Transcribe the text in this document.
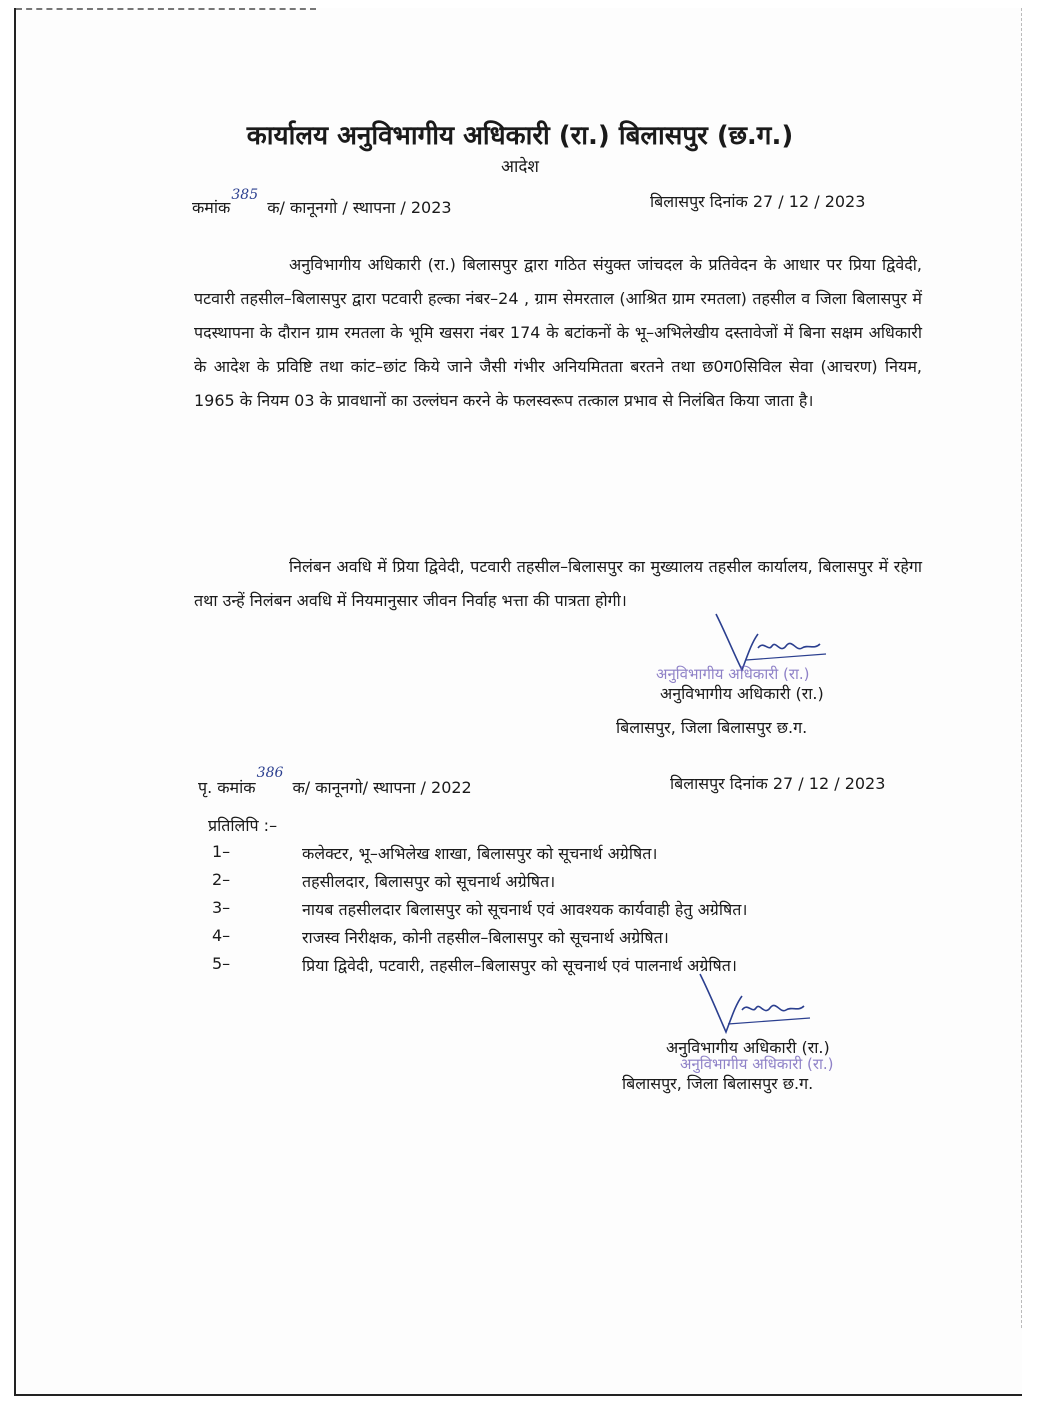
कार्यालय अनुविभागीय अधिकारी (रा.) बिलासपुर (छ.ग.)
आदेश
कमांक 385 क/ कानूनगो / स्थापना / 2023	बिलासपुर दिनांक 27 / 12 / 2023
अनुविभागीय अधिकारी (रा.) बिलासपुर द्वारा गठित संयुक्त जांचदल के प्रतिवेदन के आधार पर प्रिया द्विवेदी, पटवारी तहसील–बिलासपुर द्वारा पटवारी हल्का नंबर–24 , ग्राम सेमरताल (आश्रित ग्राम रमतला) तहसील व जिला बिलासपुर में पदस्थापना के दौरान ग्राम रमतला के भूमि खसरा नंबर 174 के बटांकनों के भू–अभिलेखीय दस्तावेजों में बिना सक्षम अधिकारी के आदेश के प्रविष्टि तथा कांट–छांट किये जाने जैसी गंभीर अनियमितता बरतने तथा छ0ग0सिविल सेवा (आचरण) नियम, 1965 के नियम 03 के प्रावधानों का उल्लंघन करने के फलस्वरूप तत्काल प्रभाव से निलंबित किया जाता है।
निलंबन अवधि में प्रिया द्विवेदी, पटवारी तहसील–बिलासपुर का मुख्यालय तहसील कार्यालय, बिलासपुर में रहेगा तथा उन्हें निलंबन अवधि में नियमानुसार जीवन निर्वाह भत्ता की पात्रता होगी।
अनुविभागीय अधिकारी (रा.)
अनुविभागीय अधिकारी (रा.)
बिलासपुर, जिला बिलासपुर छ.ग.
पृ. कमांक 386 क/ कानूनगो/ स्थापना / 2022	बिलासपुर दिनांक 27 / 12 / 2023
प्रतिलिपि :–
1–	कलेक्टर, भू–अभिलेख शाखा, बिलासपुर को सूचनार्थ अग्रेषित।
2–	तहसीलदार, बिलासपुर को सूचनार्थ अग्रेषित।
3–	नायब तहसीलदार बिलासपुर को सूचनार्थ एवं आवश्यक कार्यवाही हेतु अग्रेषित।
4–	राजस्व निरीक्षक, कोनी तहसील–बिलासपुर को सूचनार्थ अग्रेषित।
5–	प्रिया द्विवेदी, पटवारी, तहसील–बिलासपुर को सूचनार्थ एवं पालनार्थ अग्रेषित।
अनुविभागीय अधिकारी (रा.)
अनुविभागीय अधिकारी (रा.)
बिलासपुर, जिला बिलासपुर छ.ग.
